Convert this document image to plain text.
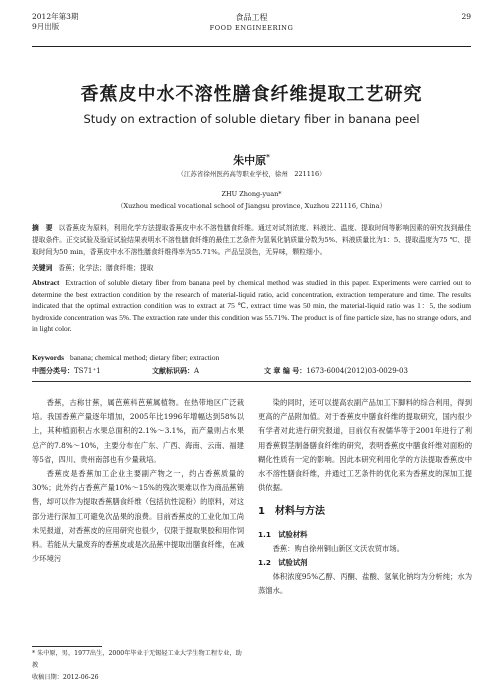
2012年第3期
9月出版
食品工程
FOOD ENGINEERING
29
香蕉皮中水不溶性膳食纤维提取工艺研究
Study on extraction of soluble dietary fiber in banana peel
朱中原*
（江苏省徐州医药高等职业学校，徐州　221116）
ZHU Zhong-yuan*
（Xuzhou medical vocational school of Jiangsu province, Xuzhou 221116, China）
摘　要 以香蕉皮为原料，利用化学方法提取香蕉皮中水不溶性膳食纤维。通过对试剂浓度、料液比、温度、提取时间等影响因素的研究找到最佳提取条件。正交试验及验证试验结果表明水不溶性膳食纤维的最佳工艺条件为氢氧化钠质量分数为5%、料液质量比为1：5、提取温度为75 ℃、提取时间为50 min，香蕉皮中水不溶性膳食纤维得率为55.71%。产品呈淡色，无异味，颗粒细小。
关键词 香蕉；化学法；膳食纤维；提取
Abstract Extraction of soluble dietary fiber from banana peel by chemical method was studied in this paper. Experiments were carried out to determine the best extraction condition by the research of material-liquid ratio, acid concentration, extraction temperature and time. The results indicated that the optimal extraction condition was to extract at 75 ℃, extract time was 50 min, the material-liquid ratio was 1：5, the sodium hydroxide concentration was 5%. The extraction rate under this condition was 55.71%. The product is of fine particle size, has no strange odors, and in light color.
Keywords banana; chemical method; dietary fiber; extraction
中图分类号：TS71⁺1	文献标识码：A	文 章 编 号：1673-6004(2012)03-0029-03

香蕉，古称甘蕉，属芭蕉科芭蕉属植物。在热带地区广泛栽培。我国香蕉产量逐年增加，2005年比1996年增幅达到58%以上，其种植面积占水果总面积的2.1%～3.1%，而产量则占水果总产的7.8%～10%，主要分布在广东、广西、海南、云南、福建等5省，四川、贵州南部也有少量栽培。

香蕉皮是香蕉加工企业主要副产物之一，约占香蕉质量的30%；此外约占香蕉产量10%～15%的残次果难以作为商品蕉销售，却可以作为提取香蕉膳食纤维（包括抗性淀粉）的原料，对这部分进行深加工可避免次品果的浪费。目前香蕉皮的工业化加工尚未见报道，对香蕉皮的应用研究也很少，仅限于提取果胶和用作饲料。若能从大量废弃的香蕉皮或是次品蕉中提取出膳食纤维，在减少环境污

染的同时，还可以提高农副产品加工下脚料的综合利用，得到更高的产品附加值。对于香蕉皮中膳食纤维的提取研究，国内很少有学者对此进行研究报道，目前仅有祝儒华等于2001年进行了利用香蕉假茎制备膳食纤维的研究，表明香蕉皮中膳食纤维对面粉的糊化性质有一定的影响。因此本研究利用化学的方法提取香蕉皮中水不溶性膳食纤维，并通过工艺条件的优化来为香蕉皮的深加工提供依据。

1　材料与方法
1.1　试验材料

香蕉：购自徐州铜山新区文沃农贸市场。

1.2　试验试剂

体积浓度95%乙醇、丙酮、盐酸、氢氧化钠均为分析纯；水为蒸馏水。

* 朱中原，男，1977出生，2000年毕业于无锡轻工业大学生物工程专业，助教
收稿日期：2012-06-26
